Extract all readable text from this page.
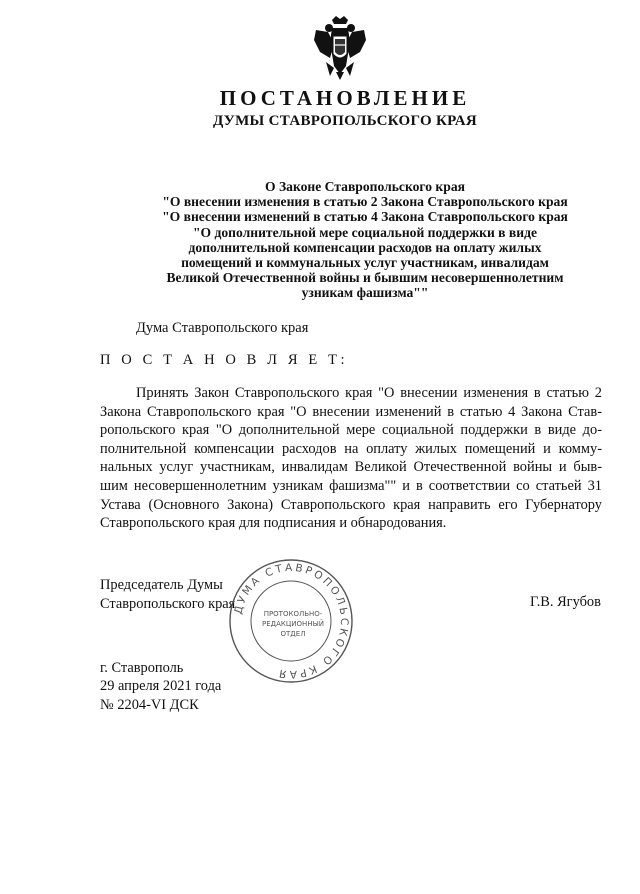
ПОСТАНОВЛЕНИЕ
ДУМЫ СТАВРОПОЛЬСКОГО КРАЯ
О Законе Ставропольского края
"О внесении изменения в статью 2 Закона Ставропольского края
"О внесении изменений в статью 4 Закона Ставропольского края
"О дополнительной мере социальной поддержки в виде
дополнительной компенсации расходов на оплату жилых
помещений и коммунальных услуг участникам, инвалидам
Великой Отечественной войны и бывшим несовершеннолетним
узникам фашизма""
Дума Ставропольского края
П О С Т А Н О В Л Я Е Т:
Принять Закон Ставропольского края "О внесении изменения в статью 2
Закона Ставропольского края "О внесении изменений в статью 4 Закона Став-
ропольского края "О дополнительной мере социальной поддержки в виде до-
полнительной компенсации расходов на оплату жилых помещений и комму-
нальных услуг участникам, инвалидам Великой Отечественной войны и быв-
шим несовершеннолетним узникам фашизма"" и в соответствии со статьей 31
Устава (Основного Закона) Ставропольского края направить его Губернатору
Ставропольского края для подписания и обнародования.
Председатель Думы
Ставропольского края
ДУМА СТАВРОПОЛЬСКОГО КРАЯ
ПРОТОКОЛЬНО-
РЕДАКЦИОННЫЙ
ОТДЕЛ
Г.В. Ягубов
г. Ставрополь
29 апреля 2021 года
№ 2204-VI ДСК
